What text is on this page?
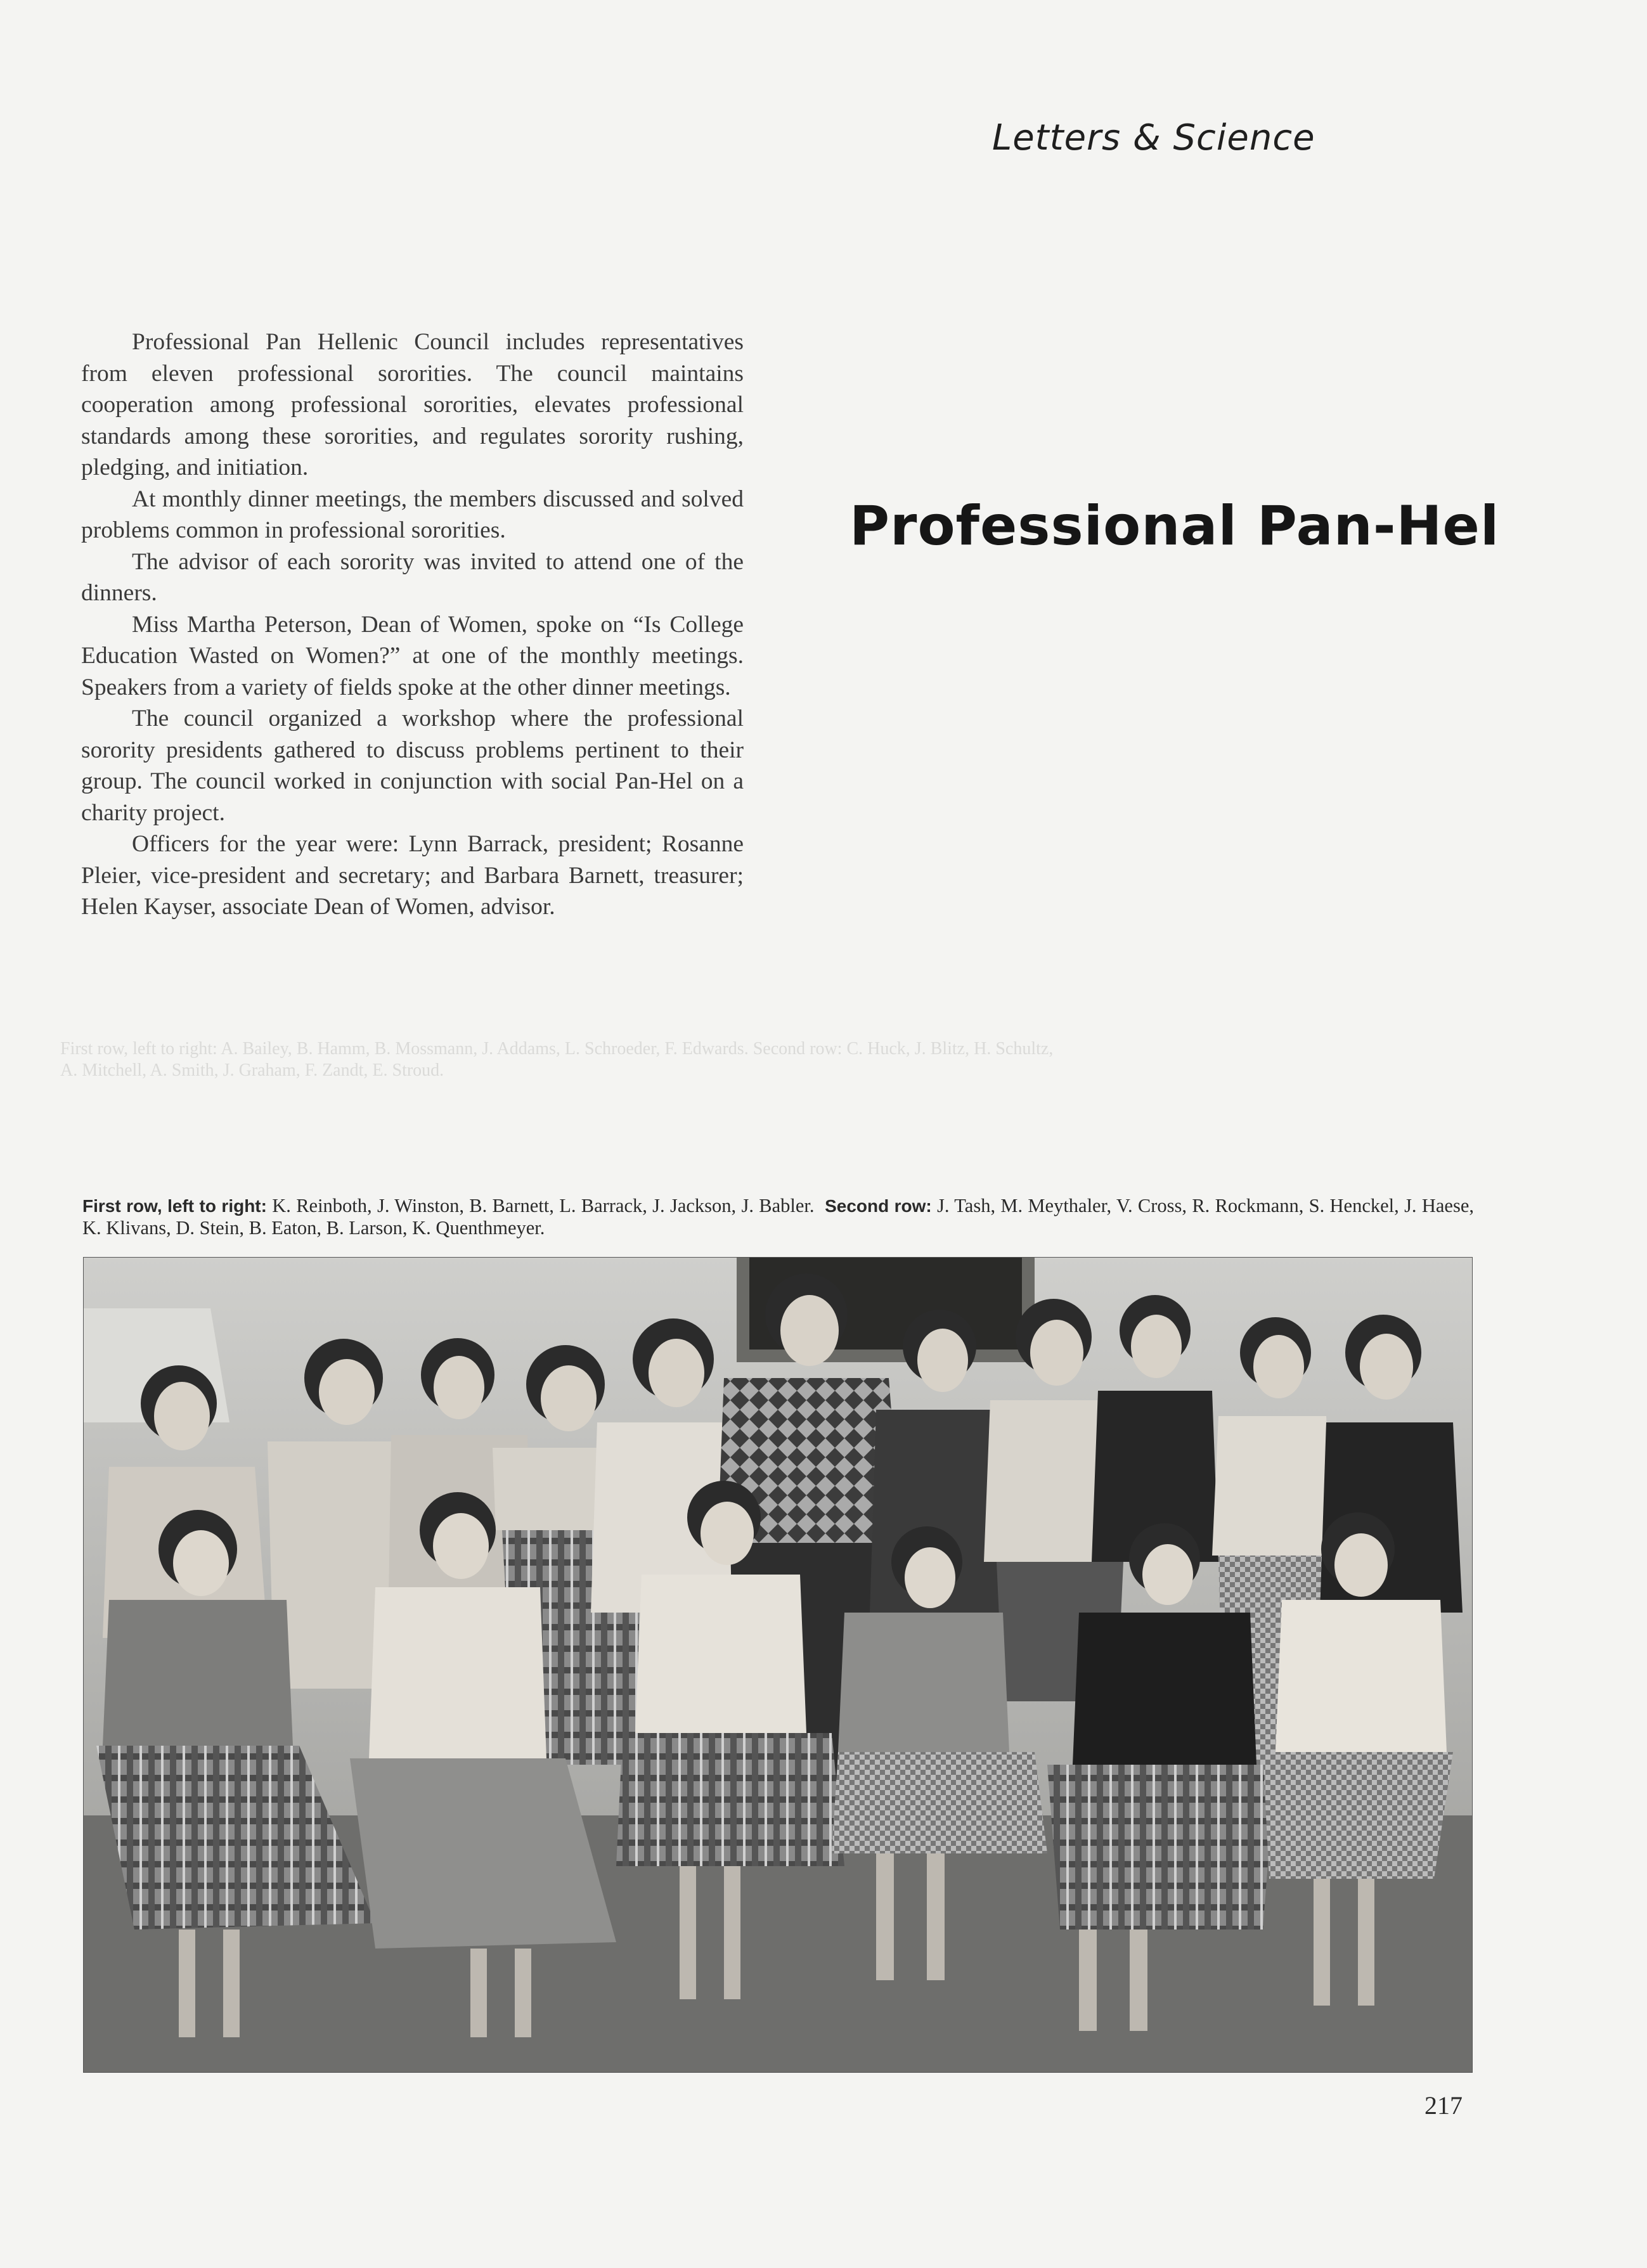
Letters & Science

Professional Pan Hellenic Council includes representatives from eleven professional sororities. The council maintains cooperation among professional sororities, elevates professional standards among these sororities, and regulates sorority rushing, pledging, and initiation.

At monthly dinner meetings, the members discussed and solved problems common in professional sororities.

The advisor of each sorority was invited to attend one of the dinners.

Miss Martha Peterson, Dean of Women, spoke on “Is College Education Wasted on Women?” at one of the monthly meetings. Speakers from a variety of fields spoke at the other dinner meetings.

The council organized a workshop where the professional sorority presidents gathered to discuss problems pertinent to their group. The council worked in conjunction with social Pan-Hel on a charity project.

Officers for the year were: Lynn Barrack, president; Rosanne Pleier, vice-president and secretary; and Barbara Barnett, treasurer; Helen Kayser, associate Dean of Women, advisor.

Professional Pan-Hel
First row, left to right: A. Bailey, B. Hamm, B. Mossmann, J. Addams, L. Schroeder, F. Edwards. Second row: C. Huck, J. Blitz, H. Schultz,
A. Mitchell, A. Smith, J. Graham, F. Zandt, E. Stroud.
First row, left to right: K. Reinboth, J. Winston, B. Barnett, L. Barrack, J. Jackson, J. Babler. Second row: J. Tash, M. Meythaler, V. Cross, R. Rockmann, S. Henckel, J. Haese, K. Klivans, D. Stein, B. Eaton, B. Larson, K. Quenthmeyer.
217
